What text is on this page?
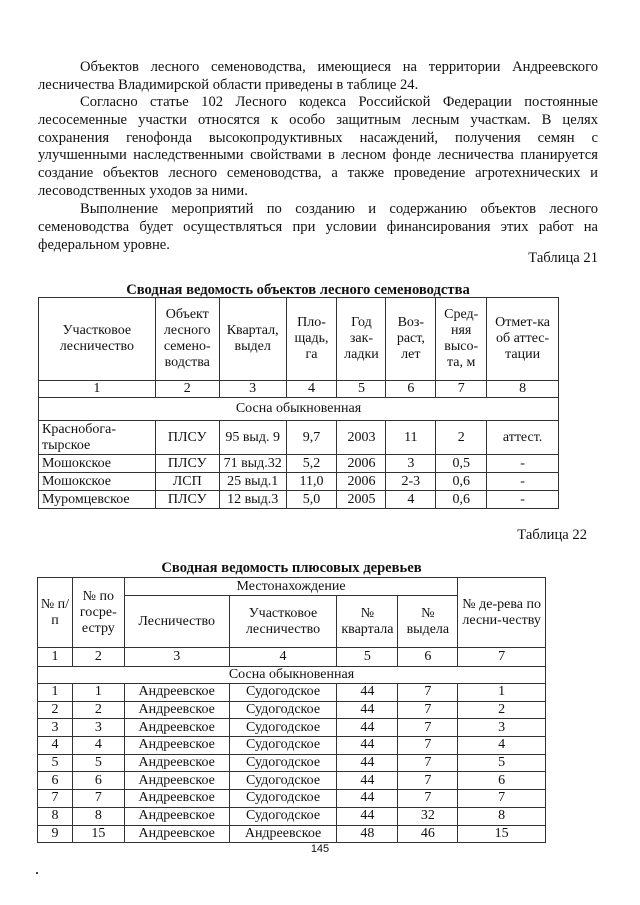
Объектов лесного семеноводства, имеющиеся на территории Андреевского лесничества Владимирской области приведены в таблице 24.

Согласно статье 102 Лесного кодекса Российской Федерации постоянные лесосеменные участки относятся к особо защитным лесным участкам. В целях сохранения генофонда высокопродуктивных насаждений, получения семян с улучшенными наследственными свойствами в лесном фонде лесничества планируется создание объектов лесного семеноводства, а также проведение агротехнических и лесоводственных уходов за ними.

Выполнение мероприятий по созданию и содержанию объектов лесного семеноводства будет осуществляться при условии финансирования этих работ на федеральном уровне.

Таблица 21
Сводная ведомость объектов лесного семеноводства
Участковое лесничество	Объект лесного семено-водства	Квартал, выдел	Пло-щадь, га	Год зак-ладки	Воз-раст, лет	Сред-няя высо-та, м	Отмет-ка об аттес-тации
1	2	3	4	5	6	7	8
Сосна обыкновенная							
Краснобога-тырское	ПЛСУ	95 выд. 9	9,7	2003	11	2	аттест.
Мошокское	ПЛСУ	71 выд.32	5,2	2006	3	0,5	-
Мошокское	ЛСП	25 выд.1	11,0	2006	2-3	0,6	-
Муромцевское	ПЛСУ	12 выд.3	5,0	2005	4	0,6	-
Таблица 22
Сводная ведомость плюсовых деревьев
№ п/п	№ по госре-естру	Местонахождение				№ де-рева по лесни-честву
		Лесничество	Участковое лесничество	№ квартала	№ выдела	
1	2	3	4	5	6	7
Сосна обыкновенная						
1	1	Андреевское	Судогодское	44	7	1
2	2	Андреевское	Судогодское	44	7	2
3	3	Андреевское	Судогодское	44	7	3
4	4	Андреевское	Судогодское	44	7	4
5	5	Андреевское	Судогодское	44	7	5
6	6	Андреевское	Судогодское	44	7	6
7	7	Андреевское	Судогодское	44	7	7
8	8	Андреевское	Судогодское	44	32	8
9	15	Андреевское	Андреевское	48	46	15
145
